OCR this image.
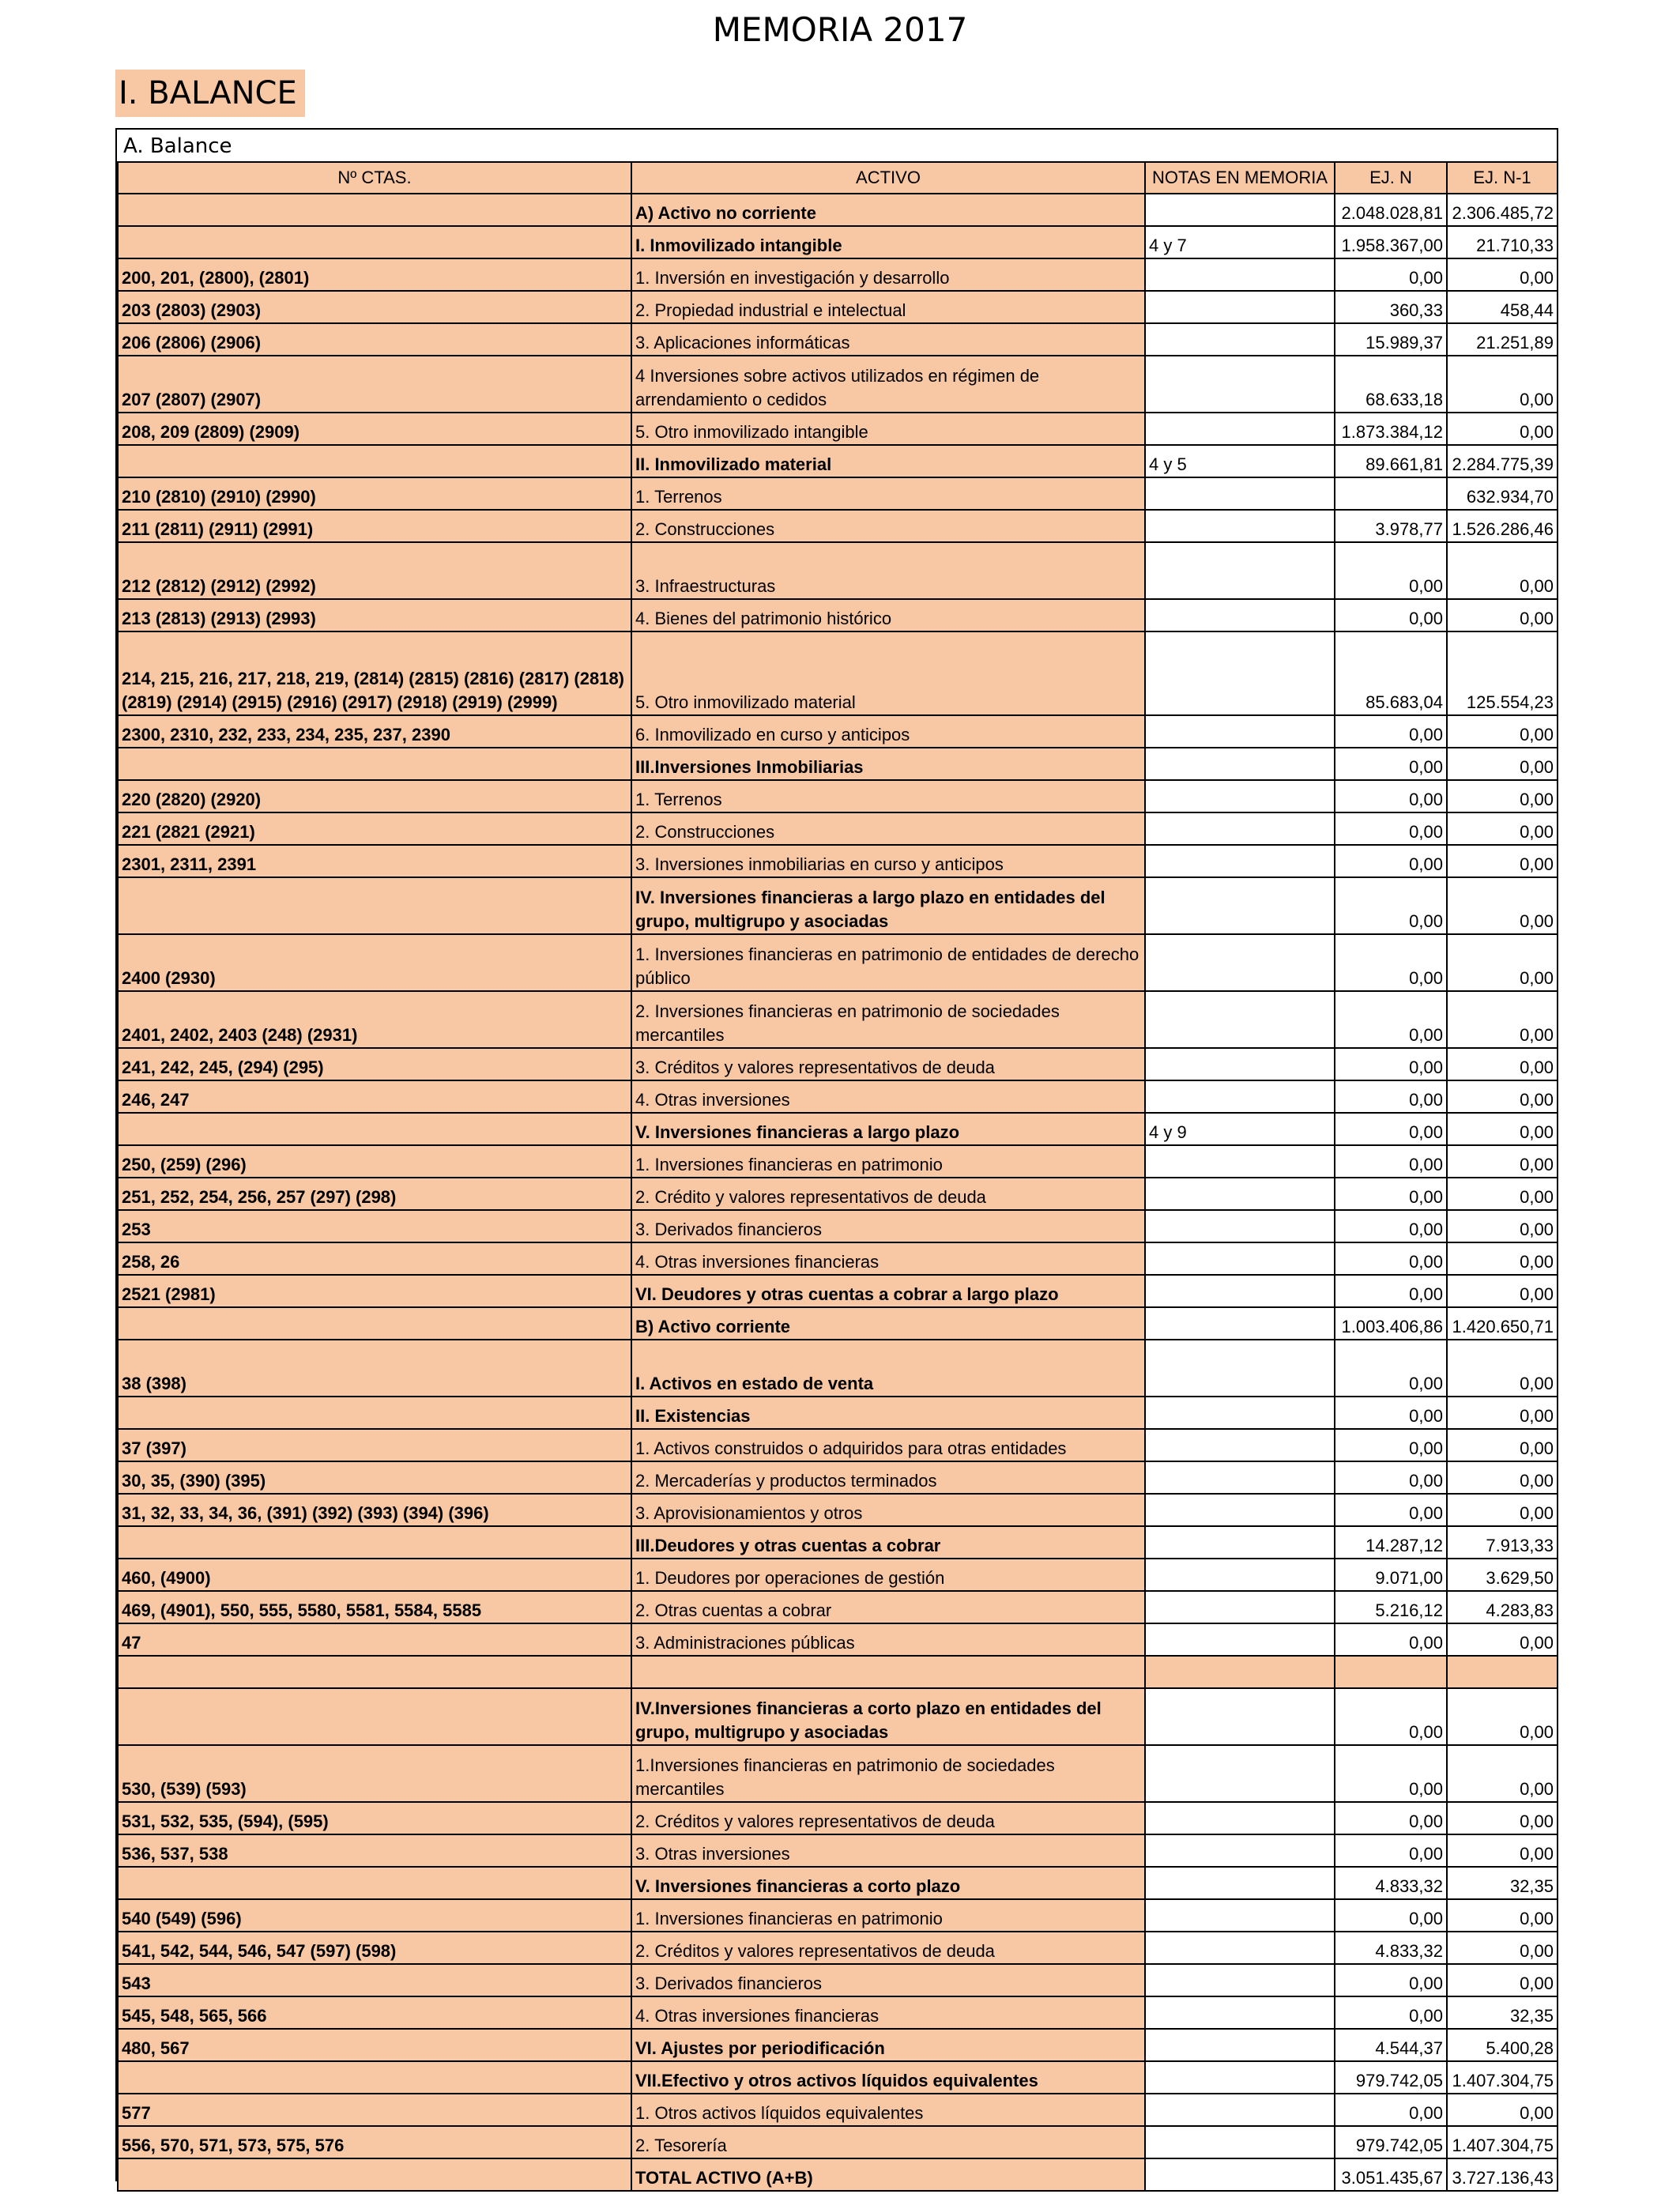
MEMORIA 2017
I. BALANCE
A. Balance
Nº CTAS.	ACTIVO	NOTAS EN MEMORIA	EJ. N	EJ. N-1
	A) Activo no corriente		2.048.028,81	2.306.485,72
	I. Inmovilizado intangible	4 y 7	1.958.367,00	21.710,33
200, 201, (2800), (2801)	1. Inversión en investigación y desarrollo		0,00	0,00
203 (2803) (2903)	2. Propiedad industrial e intelectual		360,33	458,44
206 (2806) (2906)	3. Aplicaciones informáticas		15.989,37	21.251,89
207 (2807) (2907)	4 Inversiones sobre activos utilizados en régimen de arrendamiento o cedidos		68.633,18	0,00
208, 209 (2809) (2909)	5. Otro inmovilizado intangible		1.873.384,12	0,00
	II. Inmovilizado material	4 y 5	89.661,81	2.284.775,39
210 (2810) (2910) (2990)	1. Terrenos			632.934,70
211 (2811) (2911) (2991)	2. Construcciones		3.978,77	1.526.286,46
212 (2812) (2912) (2992)	3. Infraestructuras		0,00	0,00
213 (2813) (2913) (2993)	4. Bienes del patrimonio histórico		0,00	0,00
214, 215, 216, 217, 218, 219, (2814) (2815) (2816) (2817) (2818) (2819) (2914) (2915) (2916) (2917) (2918) (2919) (2999)	5. Otro inmovilizado material		85.683,04	125.554,23
2300, 2310, 232, 233, 234, 235, 237, 2390	6. Inmovilizado en curso y anticipos		0,00	0,00
	III.Inversiones Inmobiliarias		0,00	0,00
220 (2820) (2920)	1. Terrenos		0,00	0,00
221 (2821 (2921)	2. Construcciones		0,00	0,00
2301, 2311, 2391	3. Inversiones inmobiliarias en curso y anticipos		0,00	0,00
	IV. Inversiones financieras a largo plazo en entidades del grupo, multigrupo y asociadas		0,00	0,00
2400 (2930)	1. Inversiones financieras en patrimonio de entidades de derecho público		0,00	0,00
2401, 2402, 2403 (248) (2931)	2. Inversiones financieras en patrimonio de sociedades mercantiles		0,00	0,00
241, 242, 245, (294) (295)	3. Créditos y valores representativos de deuda		0,00	0,00
246, 247	4. Otras inversiones		0,00	0,00
	V. Inversiones financieras a largo plazo	4 y 9	0,00	0,00
250, (259) (296)	1. Inversiones financieras en patrimonio		0,00	0,00
251, 252, 254, 256, 257 (297) (298)	2. Crédito y valores representativos de deuda		0,00	0,00
253	3. Derivados financieros		0,00	0,00
258, 26	4. Otras inversiones financieras		0,00	0,00
2521 (2981)	VI. Deudores y otras cuentas a cobrar a largo plazo		0,00	0,00
	B) Activo corriente		1.003.406,86	1.420.650,71
38 (398)	I. Activos en estado de venta		0,00	0,00
	II. Existencias		0,00	0,00
37 (397)	1. Activos construidos o adquiridos para otras entidades		0,00	0,00
30, 35, (390) (395)	2. Mercaderías y productos terminados		0,00	0,00
31, 32, 33, 34, 36, (391) (392) (393) (394) (396)	3. Aprovisionamientos y otros		0,00	0,00
	III.Deudores y otras cuentas a cobrar		14.287,12	7.913,33
460, (4900)	1. Deudores por operaciones de gestión		9.071,00	3.629,50
469, (4901), 550, 555, 5580, 5581, 5584, 5585	2. Otras cuentas a cobrar		5.216,12	4.283,83
47	3. Administraciones públicas		0,00	0,00

	IV.Inversiones financieras a corto plazo en entidades del grupo, multigrupo y asociadas		0,00	0,00
530, (539) (593)	1.Inversiones financieras en patrimonio de sociedades mercantiles		0,00	0,00
531, 532, 535, (594), (595)	2. Créditos y valores representativos de deuda		0,00	0,00
536, 537, 538	3. Otras inversiones		0,00	0,00
	V. Inversiones financieras a corto plazo		4.833,32	32,35
540 (549) (596)	1. Inversiones financieras en patrimonio		0,00	0,00
541, 542, 544, 546, 547 (597) (598)	2. Créditos y valores representativos de deuda		4.833,32	0,00
543	3. Derivados financieros		0,00	0,00
545, 548, 565, 566	4. Otras inversiones financieras		0,00	32,35
480, 567	VI. Ajustes por periodificación		4.544,37	5.400,28
	VII.Efectivo y otros activos líquidos equivalentes		979.742,05	1.407.304,75
577	1. Otros activos líquidos equivalentes		0,00	0,00
556, 570, 571, 573, 575, 576	2. Tesorería		979.742,05	1.407.304,75
	TOTAL ACTIVO (A+B)		3.051.435,67	3.727.136,43
